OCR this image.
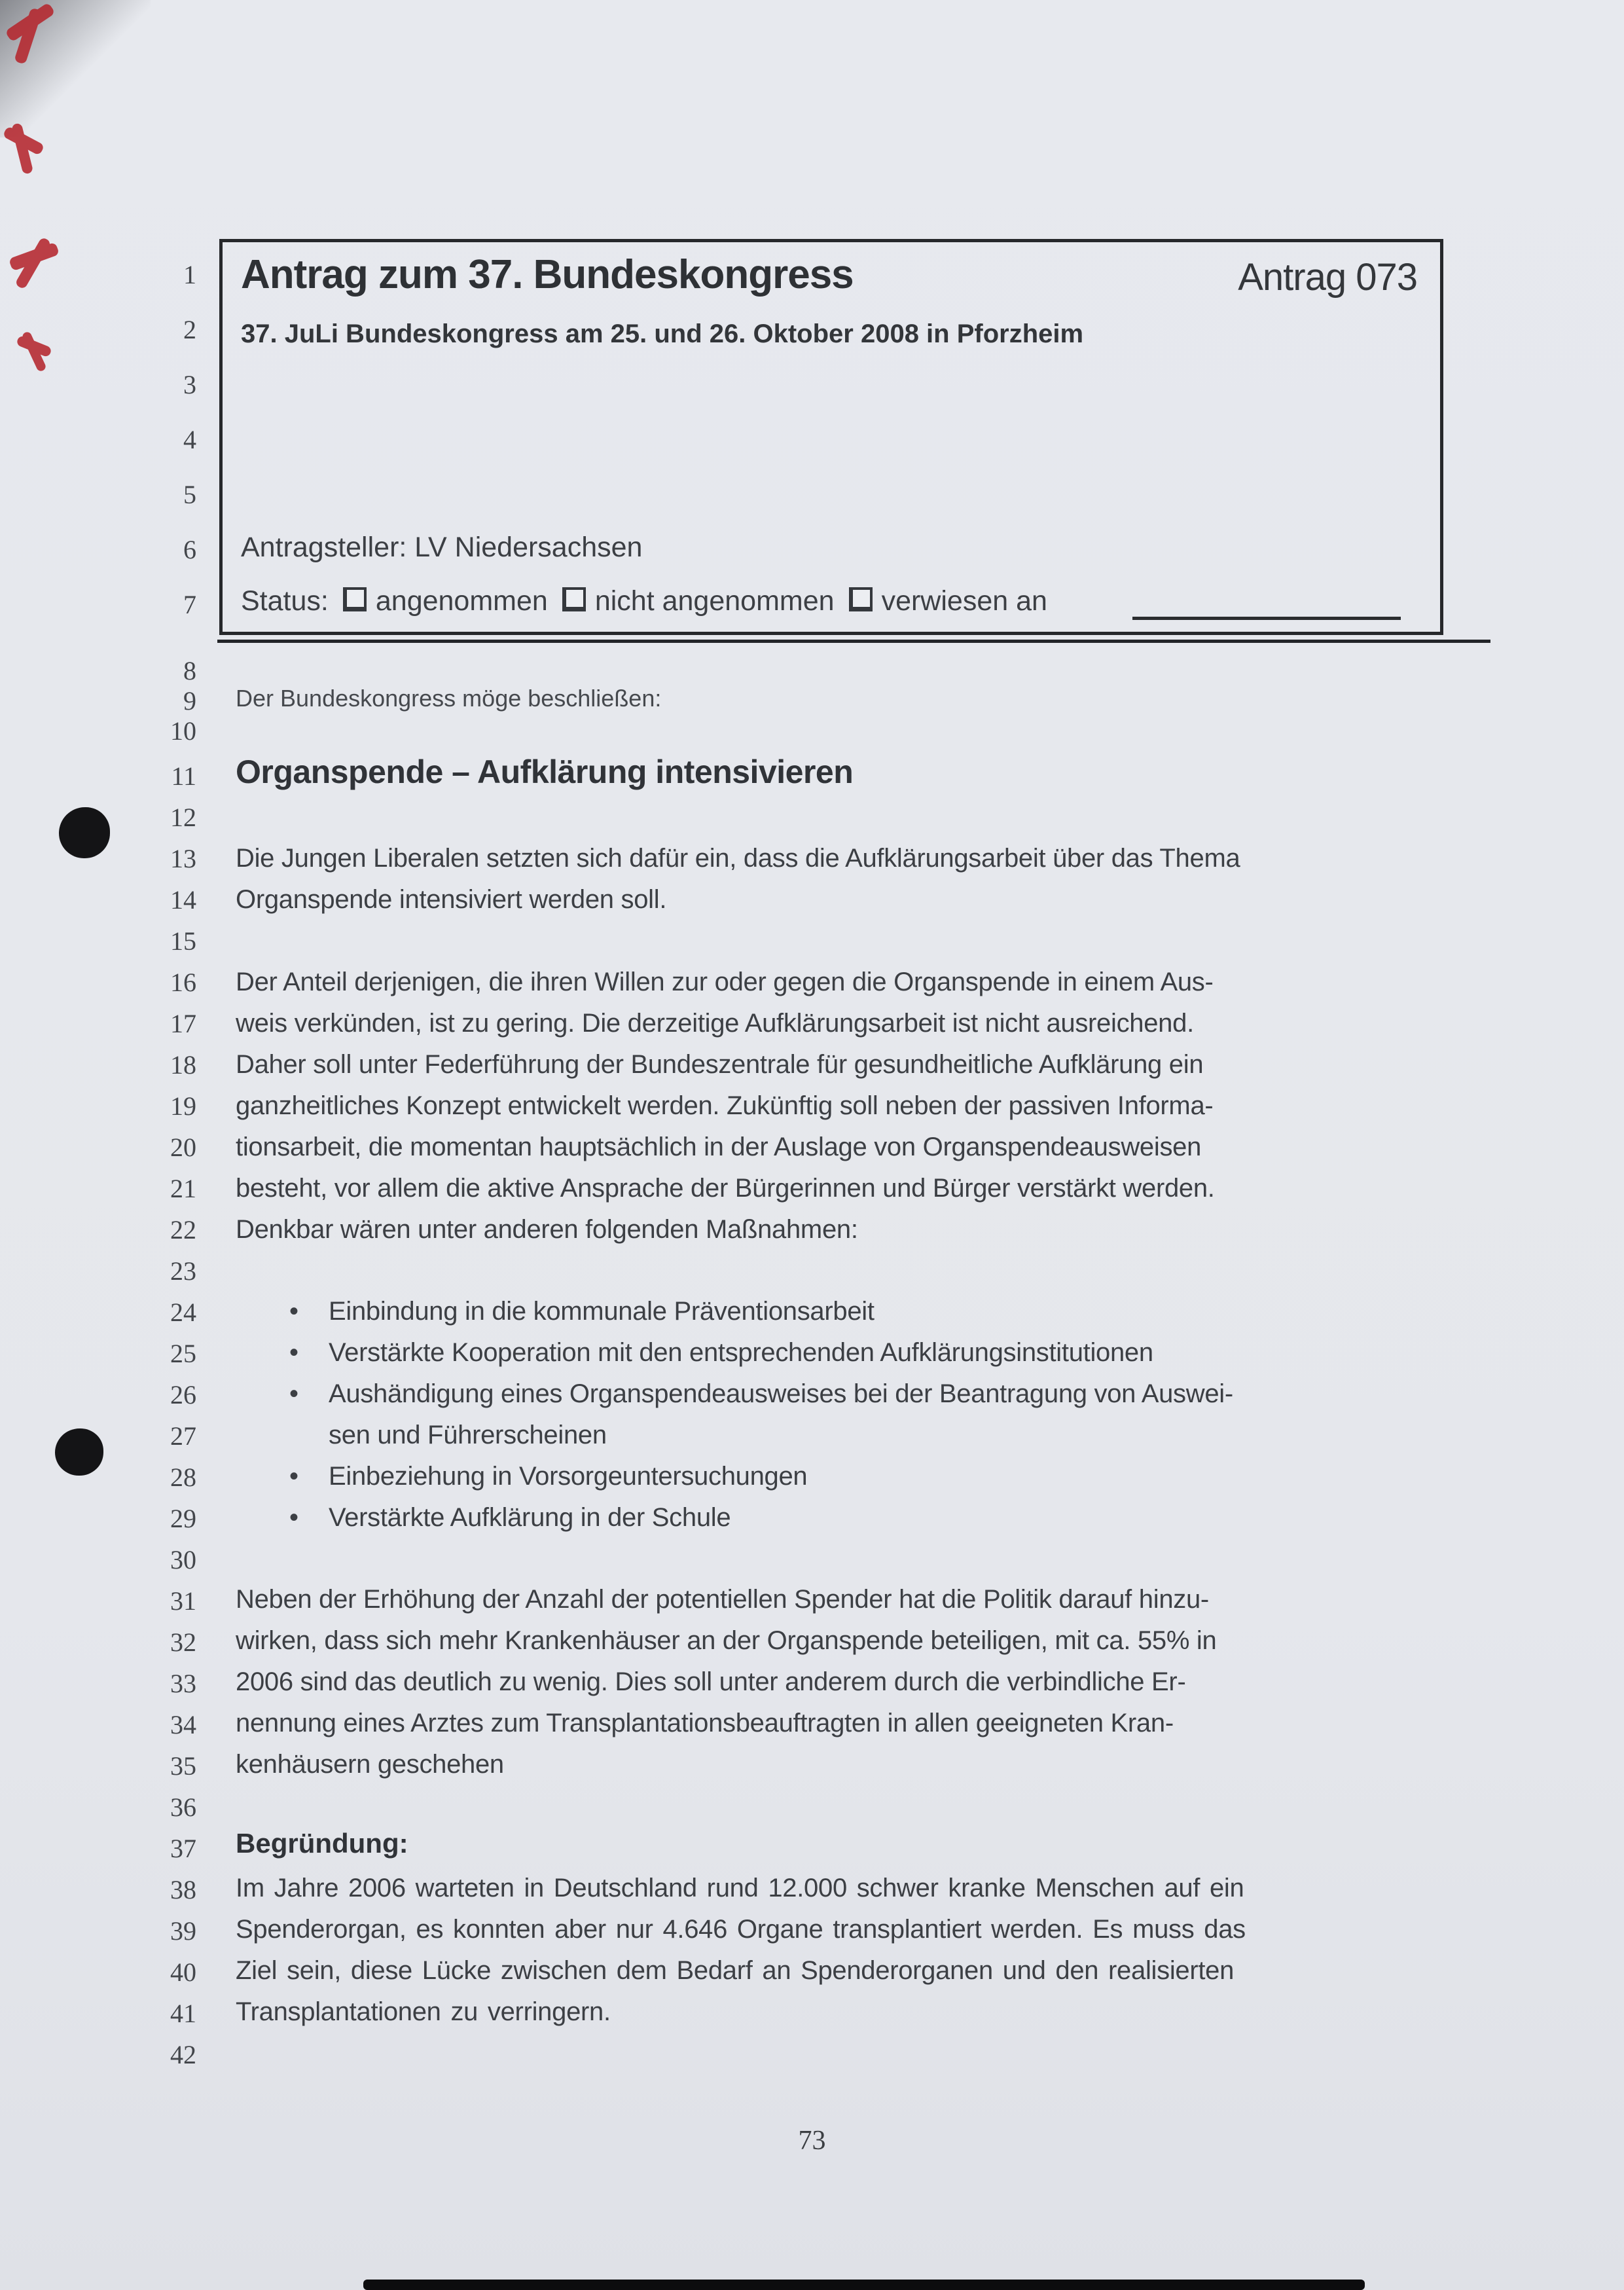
1
2
3
4
5
6
7
8
9
10
11
12
13
14
15
16
17
18
19
20
21
22
23
24
25
26
27
28
29
30
31
32
33
34
35
36
37
38
39
40
41
42
Antrag zum 37. Bundeskongress	Antrag 073
37. JuLi Bundeskongress am 25. und 26. Oktober 2008 in Pforzheim
Antragsteller: LV Niedersachsen
Status: angenommen nicht angenommen verwiesen an
Der Bundeskongress möge beschließen:
Organspende – Aufklärung intensivieren
Die Jungen Liberalen setzten sich dafür ein, dass die Aufklärungsarbeit über das Thema
Organspende intensiviert werden soll.
Der Anteil derjenigen, die ihren Willen zur oder gegen die Organspende in einem Aus-
weis verkünden, ist zu gering. Die derzeitige Aufklärungsarbeit ist nicht ausreichend.
Daher soll unter Federführung der Bundeszentrale für gesundheitliche Aufklärung ein
ganzheitliches Konzept entwickelt werden. Zukünftig soll neben der passiven Informa-
tionsarbeit, die momentan hauptsächlich in der Auslage von Organspendeausweisen
besteht, vor allem die aktive Ansprache der Bürgerinnen und Bürger verstärkt werden.
Denkbar wären unter anderen folgenden Maßnahmen:
•	Einbindung in die kommunale Präventionsarbeit
•	Verstärkte Kooperation mit den entsprechenden Aufklärungsinstitutionen
•	Aushändigung eines Organspendeausweises bei der Beantragung von Auswei-
sen und Führerscheinen
•	Einbeziehung in Vorsorgeuntersuchungen
•	Verstärkte Aufklärung in der Schule
Neben der Erhöhung der Anzahl der potentiellen Spender hat die Politik darauf hinzu-
wirken, dass sich mehr Krankenhäuser an der Organspende beteiligen, mit ca. 55% in
2006 sind das deutlich zu wenig. Dies soll unter anderem durch die verbindliche Er-
nennung eines Arztes zum Transplantationsbeauftragten in allen geeigneten Kran-
kenhäusern geschehen
Begründung:
Im Jahre 2006 warteten in Deutschland rund 12.000 schwer kranke Menschen auf ein
Spenderorgan, es konnten aber nur 4.646 Organe transplantiert werden. Es muss das
Ziel sein, diese Lücke zwischen dem Bedarf an Spenderorganen und den realisierten
Transplantationen zu verringern.
73
